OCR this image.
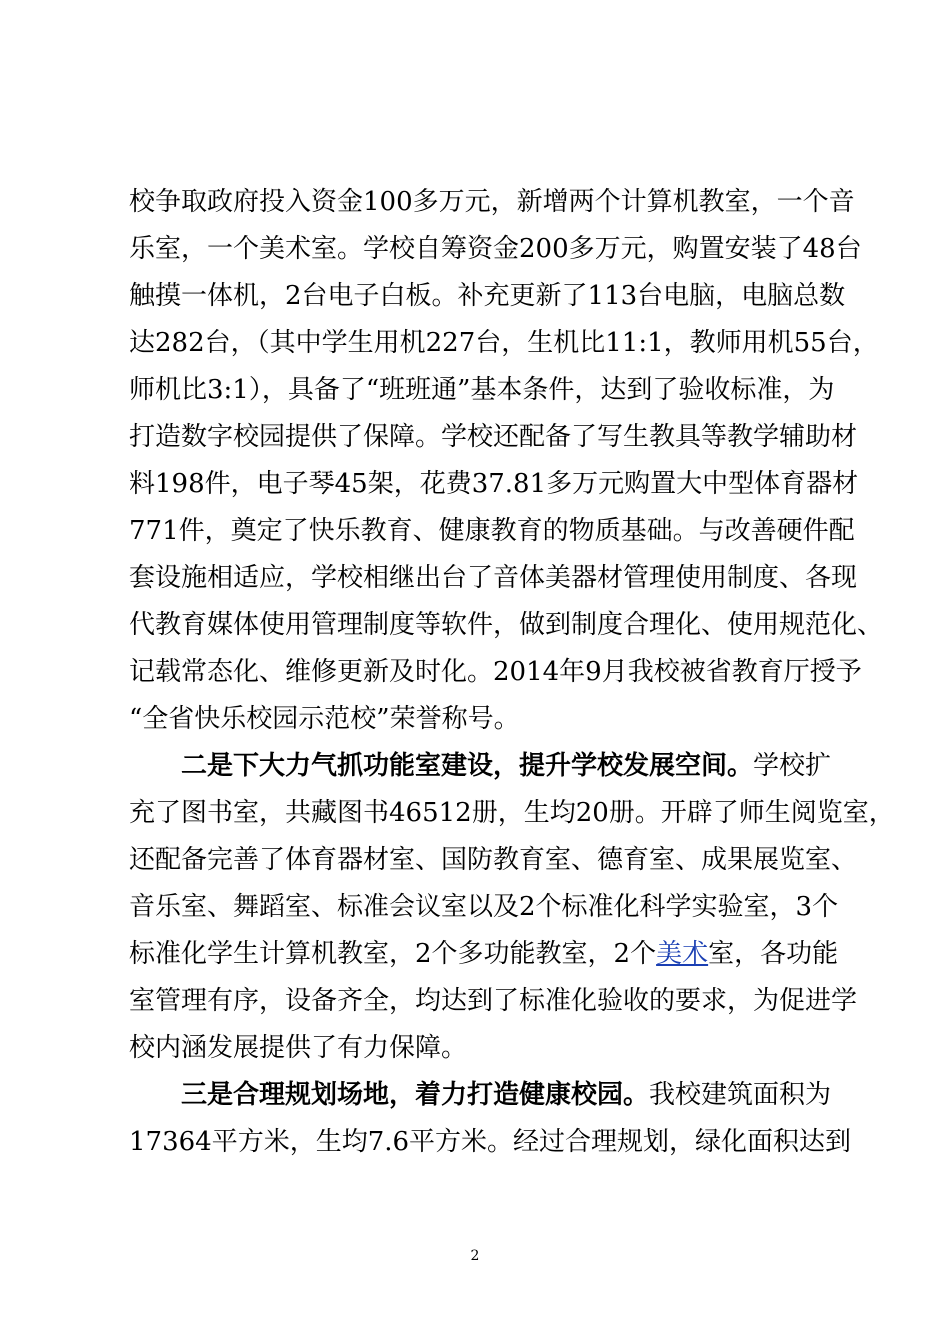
校争取政府投入资金100多万元，新增两个计算机教室，一个音
乐室，一个美术室。学校自筹资金200多万元，购置安装了48台
触摸一体机，2台电子白板。补充更新了113台电脑，电脑总数
达282台，（其中学生用机227台，生机比11:1，教师用机55台，
师机比3:1），具备了“班班通”基本条件，达到了验收标准，为
打造数字校园提供了保障。学校还配备了写生教具等教学辅助材
料198件，电子琴45架，花费37.81多万元购置大中型体育器材
771件，奠定了快乐教育、健康教育的物质基础。与改善硬件配
套设施相适应，学校相继出台了音体美器材管理使用制度、各现
代教育媒体使用管理制度等软件，做到制度合理化、使用规范化、
记载常态化、维修更新及时化。2014年9月我校被省教育厅授予
“全省快乐校园示范校”荣誉称号。
二是下大力气抓功能室建设，提升学校发展空间。学校扩
充了图书室，共藏图书46512册，生均20册。开辟了师生阅览室，
还配备完善了体育器材室、国防教育室、德育室、成果展览室、
音乐室、舞蹈室、标准会议室以及2个标准化科学实验室，3个
标准化学生计算机教室，2个多功能教室，2个美术室，各功能
室管理有序，设备齐全，均达到了标准化验收的要求，为促进学
校内涵发展提供了有力保障。
三是合理规划场地，着力打造健康校园。我校建筑面积为
17364平方米，生均7.6平方米。经过合理规划，绿化面积达到
2
